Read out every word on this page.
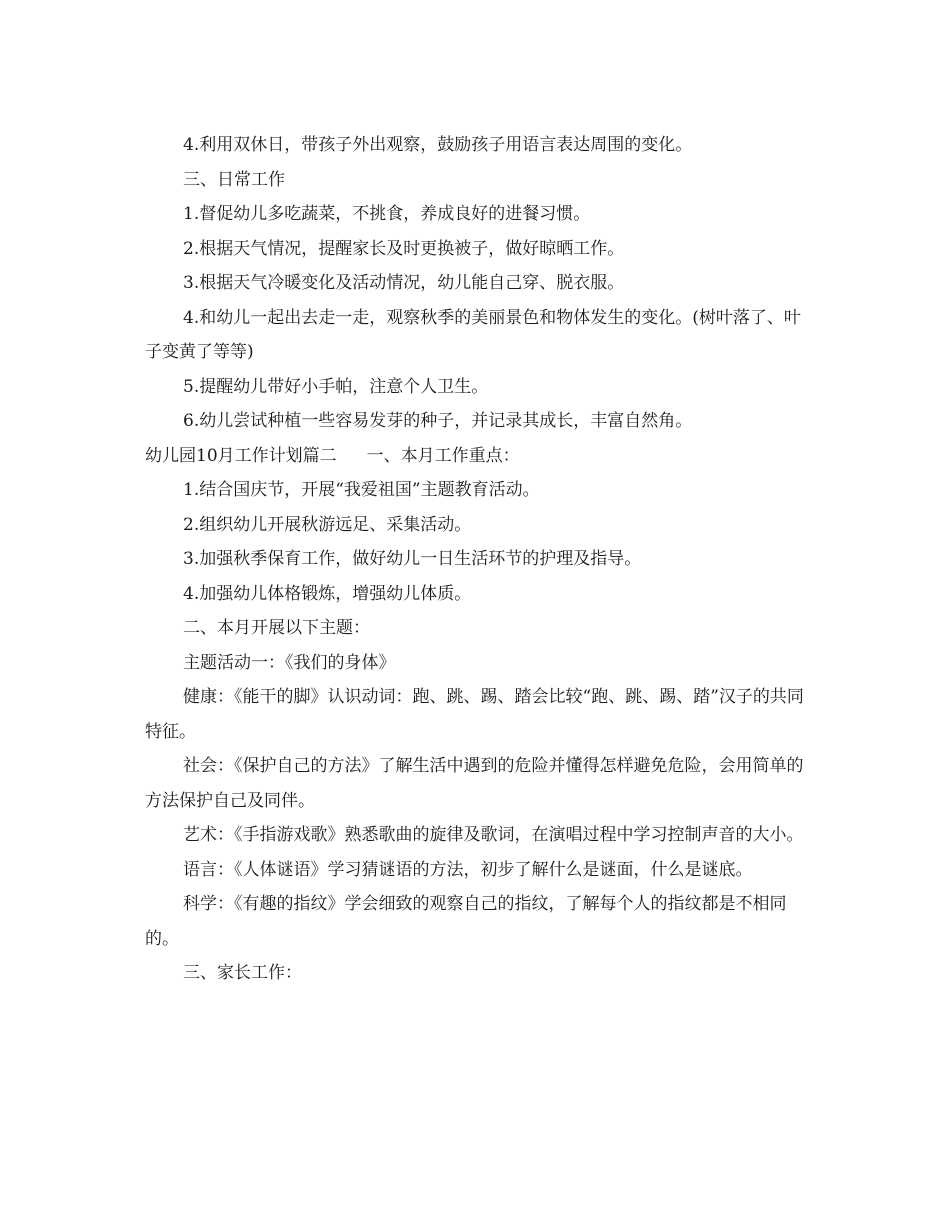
4.利用双休日，带孩子外出观察，鼓励孩子用语言表达周围的变化。

三、日常工作

1.督促幼儿多吃蔬菜，不挑食，养成良好的进餐习惯。

2.根据天气情况，提醒家长及时更换被子，做好晾晒工作。

3.根据天气冷暖变化及活动情况，幼儿能自己穿、脱衣服。

4.和幼儿一起出去走一走，观察秋季的美丽景色和物体发生的变化。(树叶落了、叶子变黄了等等)

5.提醒幼儿带好小手帕，注意个人卫生。

6.幼儿尝试种植一些容易发芽的种子，并记录其成长，丰富自然角。

幼儿园10月工作计划篇二 一、本月工作重点：

1.结合国庆节，开展“我爱祖国”主题教育活动。

2.组织幼儿开展秋游远足、采集活动。

3.加强秋季保育工作，做好幼儿一日生活环节的护理及指导。

4.加强幼儿体格锻炼，增强幼儿体质。

二、本月开展以下主题：

主题活动一：《我们的身体》

健康：《能干的脚》认识动词：跑、跳、踢、踏会比较“跑、跳、踢、踏”汉子的共同特征。

社会：《保护自己的方法》了解生活中遇到的危险并懂得怎样避免危险，会用简单的方法保护自己及同伴。

艺术：《手指游戏歌》熟悉歌曲的旋律及歌词，在演唱过程中学习控制声音的大小。

语言：《人体谜语》学习猜谜语的方法，初步了解什么是谜面，什么是谜底。

科学：《有趣的指纹》学会细致的观察自己的指纹，了解每个人的指纹都是不相同的。

三、家长工作：
